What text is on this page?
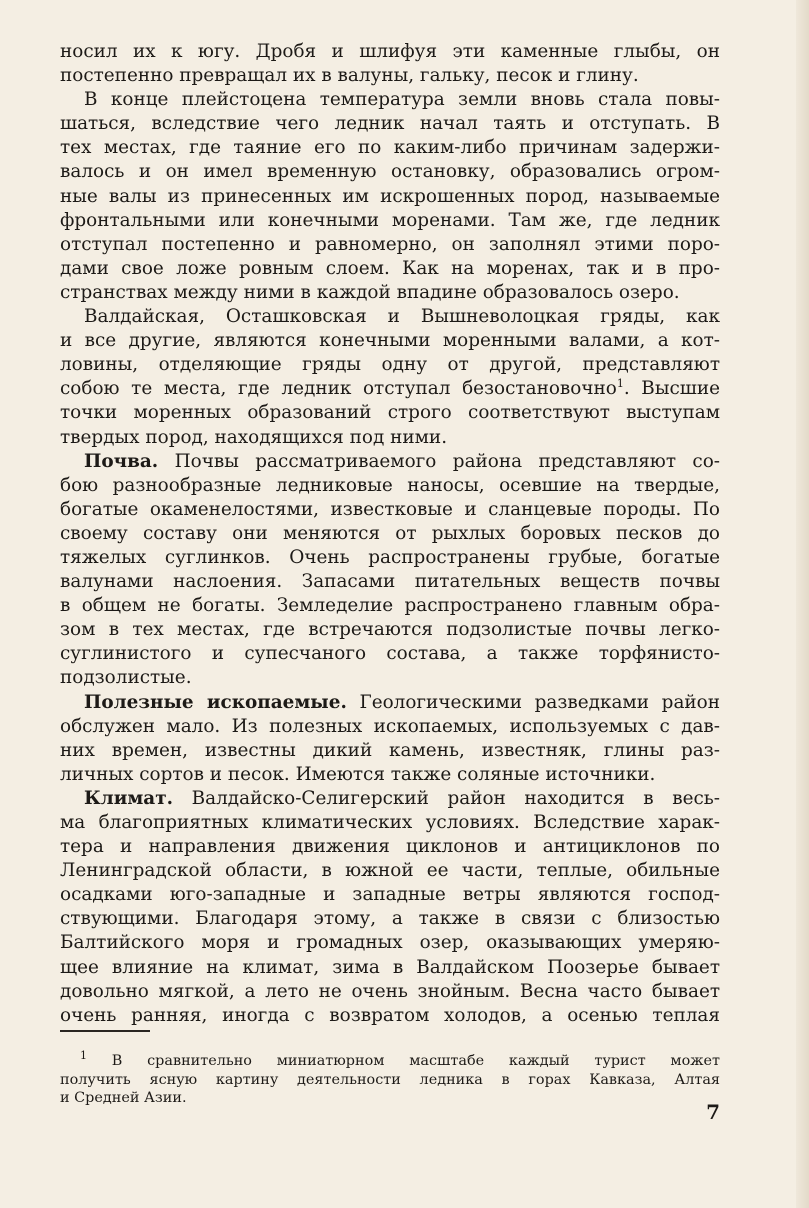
носил их к югу. Дробя и шлифуя эти каменные глыбы, он
постепенно превращал их в валуны, гальку, песок и глину.
В конце плейстоцена температура земли вновь стала повы-
шаться, вследствие чего ледник начал таять и отступать. В
тех местах, где таяние его по каким-либо причинам задержи-
валось и он имел временную остановку, образовались огром-
ные валы из принесенных им искрошенных пород, называемые
фронтальными или конечными моренами. Там же, где ледник
отступал постепенно и равномерно, он заполнял этими поро-
дами свое ложе ровным слоем. Как на моренах, так и в про-
странствах между ними в каждой впадине образовалось озеро.
Валдайская, Осташковская и Вышневолоцкая гряды, как
и все другие, являются конечными моренными валами, а кот-
ловины, отделяющие гряды одну от другой, представляют
собою те места, где ледник отступал безостановочно$^1$. Высшие
точки моренных образований строго соответствуют выступам
твердых пород, находящихся под ними.
Почва. Почвы рассматриваемого района представляют со-
бою разнообразные ледниковые наносы, осевшие на твердые,
богатые окаменелостями, известковые и сланцевые породы. По
своему составу они меняются от рыхлых боровых песков до
тяжелых суглинков. Очень распространены грубые, богатые
валунами наслоения. Запасами питательных веществ почвы
в общем не богаты. Земледелие распространено главным обра-
зом в тех местах, где встречаются подзолистые почвы легко-
суглинистого и супесчаного состава, а также торфянисто-
подзолистые.
Полезные ископаемые. Геологическими разведками район
обслужен мало. Из полезных ископаемых, используемых с дав-
них времен, известны дикий камень, известняк, глины раз-
личных сортов и песок. Имеются также соляные источники.
Климат. Валдайско-Селигерский район находится в весь-
ма благоприятных климатических условиях. Вследствие харак-
тера и направления движения циклонов и антициклонов по
Ленинградской области, в южной ее части, теплые, обильные
осадками юго-западные и западные ветры являются господ-
ствующими. Благодаря этому, а также в связи с близостью
Балтийского моря и громадных озер, оказывающих умеряю-
щее влияние на климат, зима в Валдайском Поозерье бывает
довольно мягкой, а лето не очень знойным. Весна часто бывает
очень ранняя, иногда с возвратом холодов, а осенью теплая
$^1$ В сравнительно миниатюрном масштабе каждый турист может
получить ясную картину деятельности ледника в горах Кавказа, Алтая
и Средней Азии.
7
